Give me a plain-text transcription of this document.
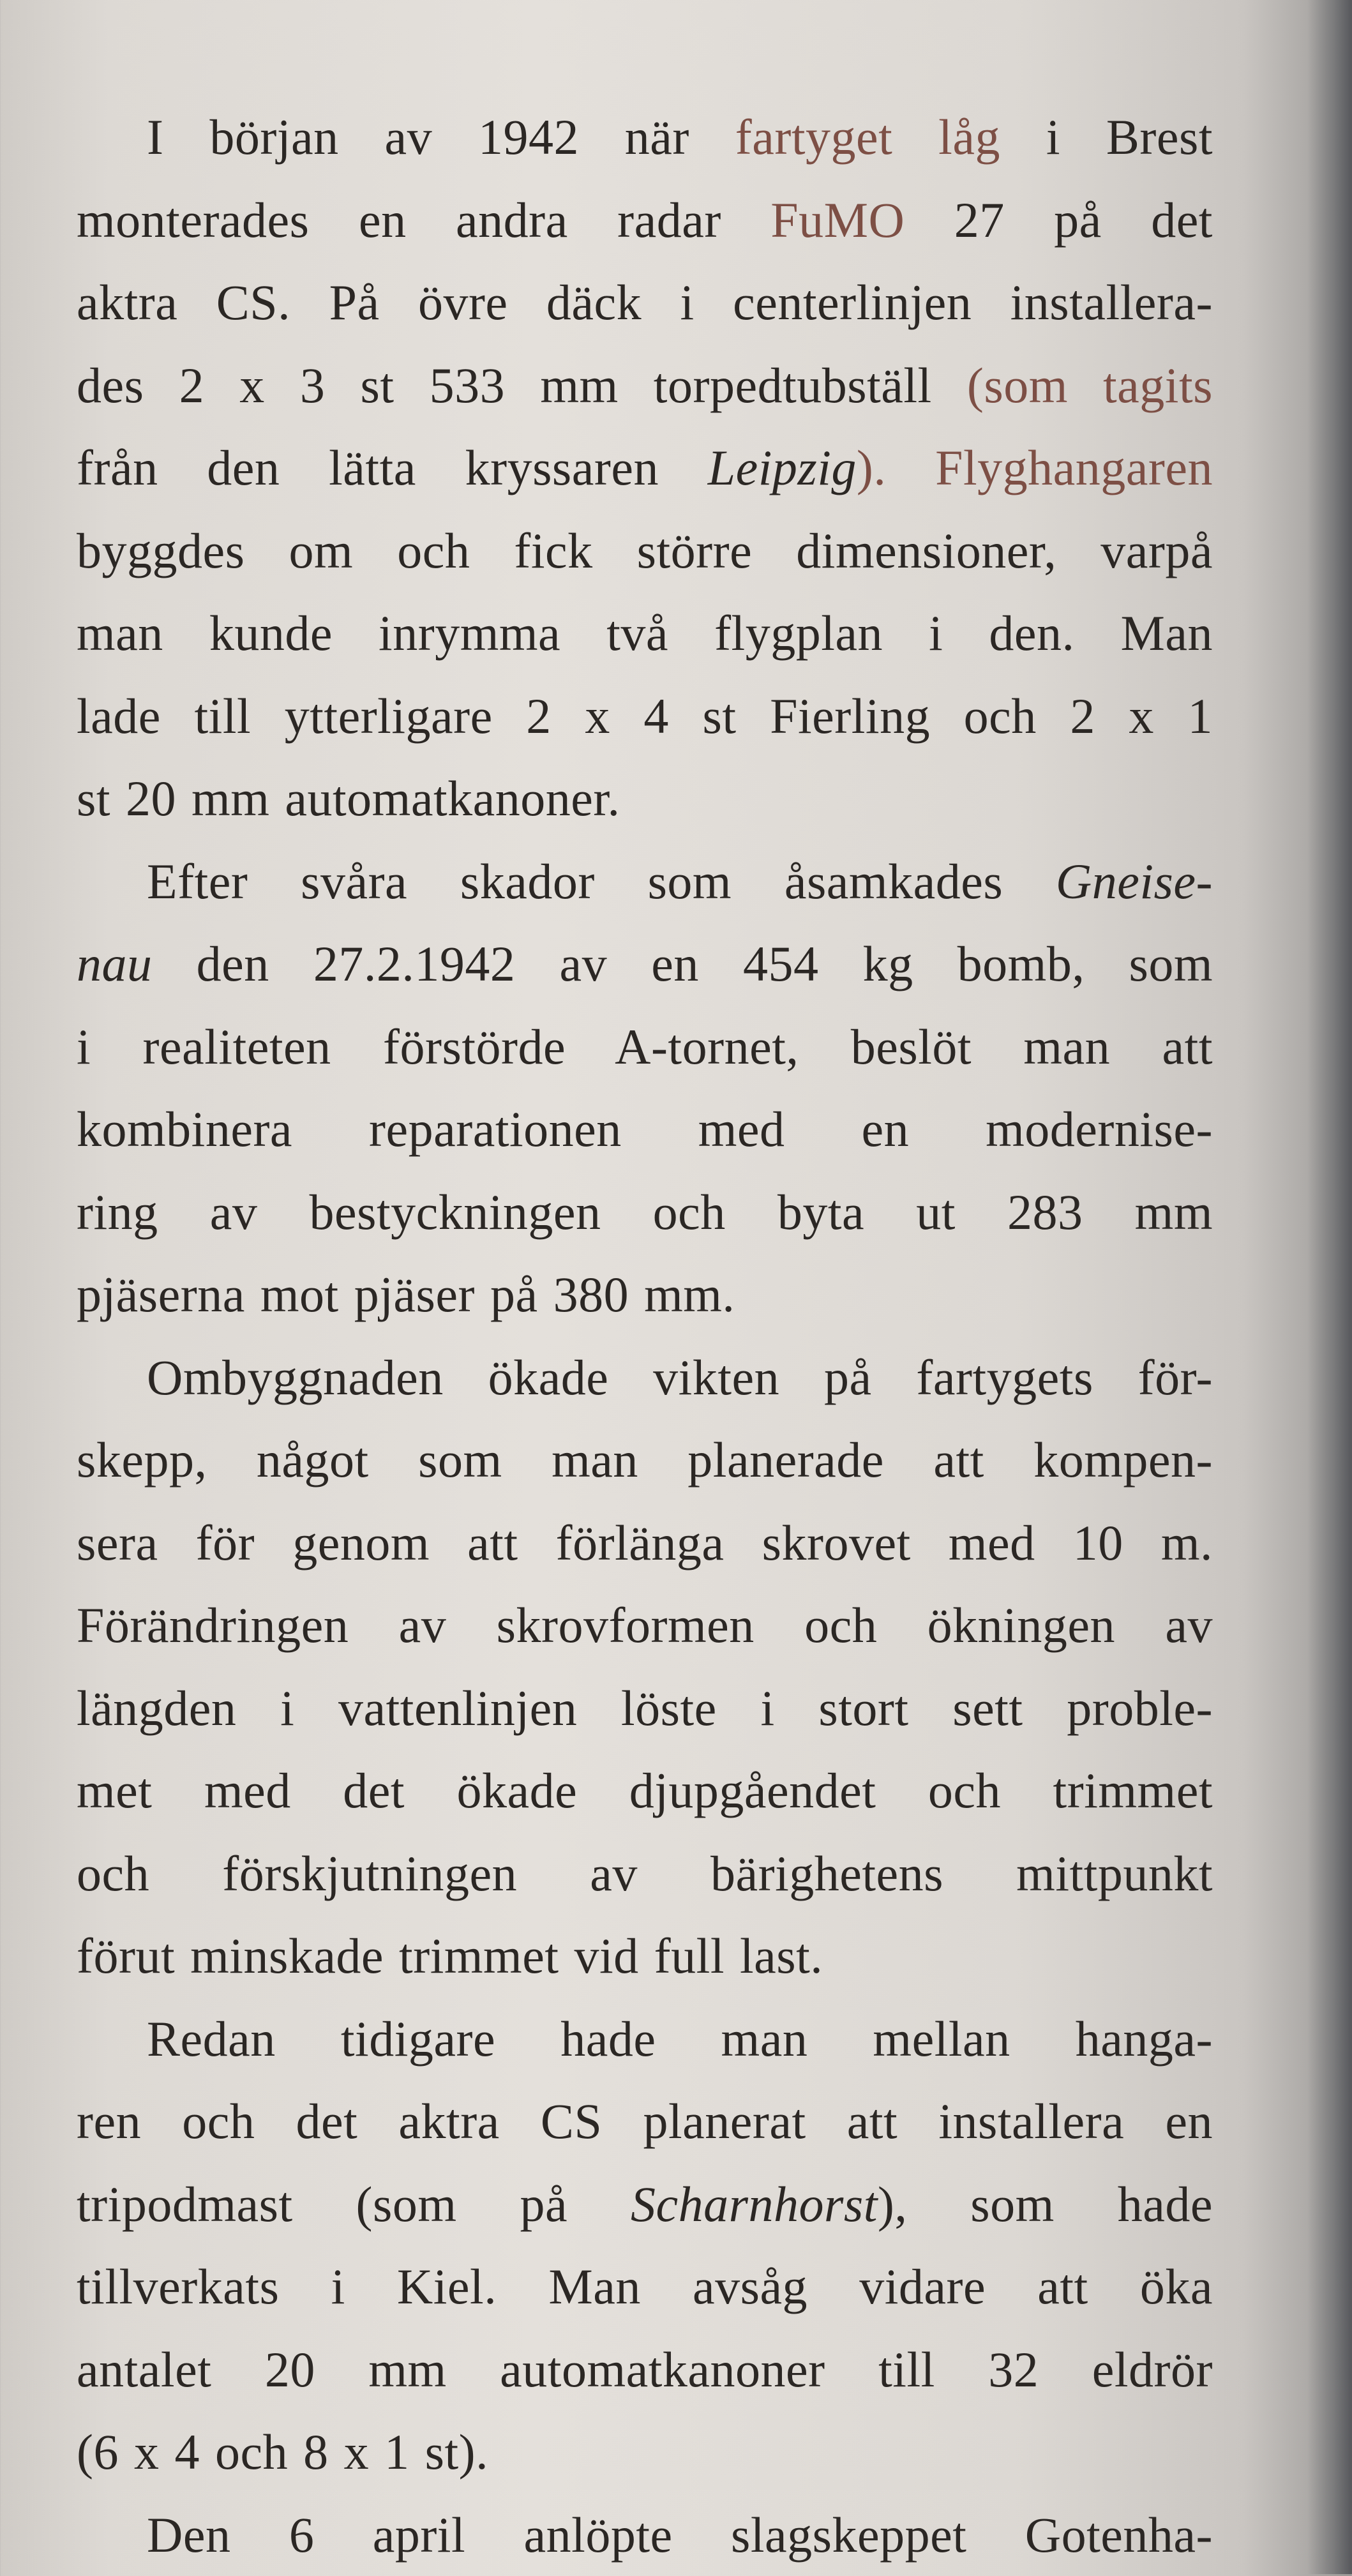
I början av 1942 när fartyget låg i Brest
monterades en andra radar FuMO 27 på det
aktra CS. På övre däck i centerlinjen installera-
des 2 x 3 st 533 mm torpedtubställ (som tagits
från den lätta kryssaren Leipzig). Flyghangaren
byggdes om och fick större dimensioner, varpå
man kunde inrymma två flygplan i den. Man
lade till ytterligare 2 x 4 st Fierling och 2 x 1
st 20 mm automatkanoner.
Efter svåra skador som åsamkades Gneise-
nau den 27.2.1942 av en 454 kg bomb, som
i realiteten förstörde A-tornet, beslöt man att
kombinera reparationen med en modernise-
ring av bestyckningen och byta ut 283 mm
pjäserna mot pjäser på 380 mm.
Ombyggnaden ökade vikten på fartygets för-
skepp, något som man planerade att kompen-
sera för genom att förlänga skrovet med 10 m.
Förändringen av skrovformen och ökningen av
längden i vattenlinjen löste i stort sett proble-
met med det ökade djupgåendet och trimmet
och förskjutningen av bärighetens mittpunkt
förut minskade trimmet vid full last.
Redan tidigare hade man mellan hanga-
ren och det aktra CS planerat att installera en
tripodmast (som på Scharnhorst), som hade
tillverkats i Kiel. Man avsåg vidare att öka
antalet 20 mm automatkanoner till 32 eldrör
(6 x 4 och 8 x 1 st).
Den 6 april anlöpte slagskeppet Gotenha-
